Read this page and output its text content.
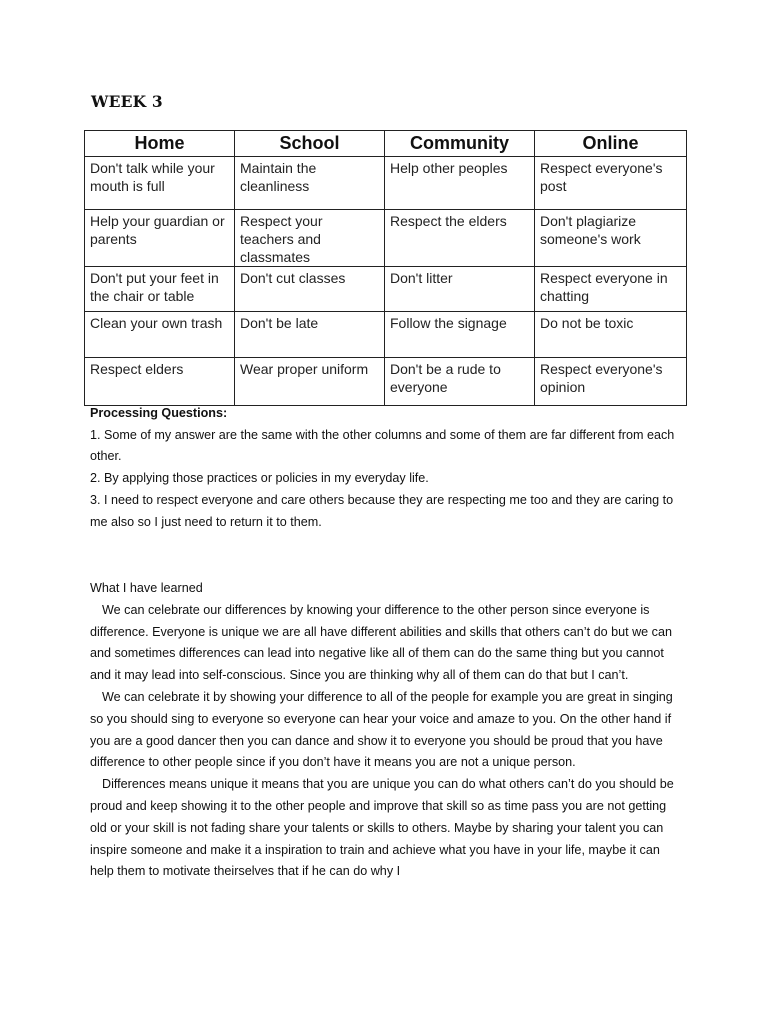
WEEK 3
Home	School	Community	Online
Don't talk while your mouth is full	Maintain the cleanliness	Help other peoples	Respect everyone's post
Help your guardian or parents	Respect your teachers and classmates	Respect the elders	Don't plagiarize someone's work
Don't put your feet in the chair or table	Don't cut classes	Don't litter	Respect everyone in chatting
Clean your own trash	Don't be late	Follow the signage	Do not be toxic
Respect elders	Wear proper uniform	Don't be a rude to everyone	Respect everyone's opinion

Processing Questions:

1. Some of my answer are the same with the other columns and some of them are far different from each other.

2. By applying those practices or policies in my everyday life.

3. I need to respect everyone and care others because they are respecting me too and they are caring to me also so I just need to return it to them.

What I have learned

We can celebrate our differences by knowing your difference to the other person since everyone is difference. Everyone is unique we are all have different abilities and skills that others can’t do but we can and sometimes differences can lead into negative like all of them can do the same thing but you cannot and it may lead into self-conscious. Since you are thinking why all of them can do that but I can’t.

We can celebrate it by showing your difference to all of the people for example you are great in singing so you should sing to everyone so everyone can hear your voice and amaze to you. On the other hand if you are a good dancer then you can dance and show it to everyone you should be proud that you have difference to other people since if you don’t have it means you are not a unique person.

Differences means unique it means that you are unique you can do what others can’t do you should be proud and keep showing it to the other people and improve that skill so as time pass you are not getting old or your skill is not fading share your talents or skills to others. Maybe by sharing your talent you can inspire someone and make it a inspiration to train and achieve what you have in your life, maybe it can help them to motivate theirselves that if he can do why I
